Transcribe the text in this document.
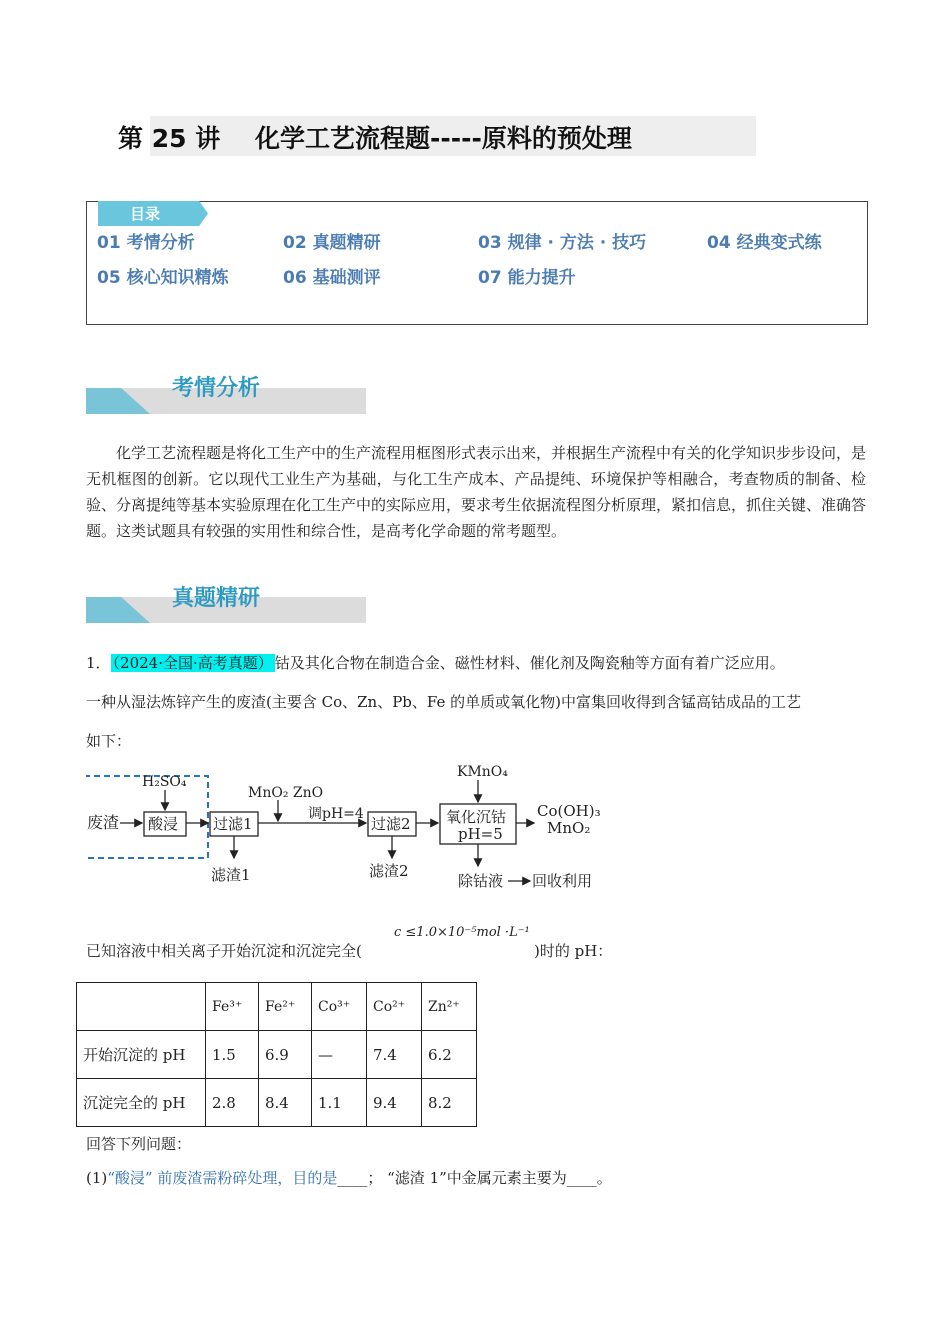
第 25 讲    化学工艺流程题-----原料的预处理
目录
01 考情分析	02 真题精研	03 规律 · 方法 · 技巧	04 经典变式练
05 核心知识精炼	06 基础测评	07 能力提升
考情分析
化学工艺流程题是将化工生产中的生产流程用框图形式表示出来，并根据生产流程中有关的化学知识步步设问，是无机框图的创新。它以现代工业生产为基础，与化工生产成本、产品提纯、环境保护等相融合，考查物质的制备、检验、分离提纯等基本实验原理在化工生产中的实际应用，要求考生依据流程图分析原理，紧扣信息，抓住关键、准确答题。这类试题具有较强的实用性和综合性，是高考化学命题的常考题型。
真题精研
1． （2024·全国·高考真题） 钴及其化合物在制造合金、磁性材料、催化剂及陶瓷釉等方面有着广泛应用。
一种从湿法炼锌产生的废渣(主要含 Co、Zn、Pb、Fe 的单质或氧化物)中富集回收得到含锰高钴成品的工艺
如下：
废渣
H₂SO₄
酸浸 过滤1
滤渣1
MnO₂ ZnO
调pH=4
过滤2
滤渣2
KMnO₄
氧化沉钴
pH=5
Co(OH)₃
MnO₂
除钴液 回收利用
已知溶液中相关离子开始沉淀和沉淀完全(
c ≤1.0×10⁻⁵mol ·L⁻¹
)时的 pH：
	Fe³⁺	Fe²⁺	Co³⁺	Co²⁺	Zn²⁺
开始沉淀的 pH	1.5	6.9	—	7.4	6.2
沉淀完全的 pH	2.8	8.4	1.1	9.4	8.2
回答下列问题：
(1)“酸浸” 前废渣需粉碎处理，目的是____； “滤渣 1”中金属元素主要为____。
